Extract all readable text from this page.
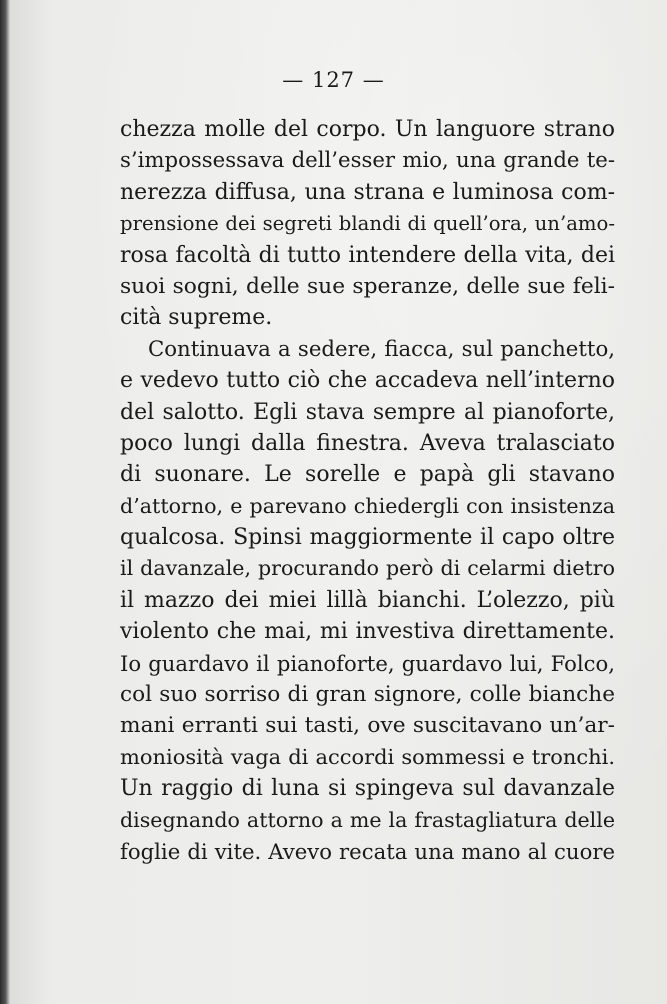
— 127 —
chezza molle del corpo. Un languore strano
s’impossessava dell’esser mio, una grande te-
nerezza diffusa, una strana e luminosa com-
prensione dei segreti blandi di quell’ora, un’amo-
rosa facoltà di tutto intendere della vita, dei
suoi sogni, delle sue speranze, delle sue feli-
cità supreme.
Continuava a sedere, fiacca, sul panchetto,
e vedevo tutto ciò che accadeva nell’interno
del salotto. Egli stava sempre al pianoforte,
poco lungi dalla finestra. Aveva tralasciato
di suonare. Le sorelle e papà gli stavano
d’attorno, e parevano chiedergli con insistenza
qualcosa. Spinsi maggiormente il capo oltre
il davanzale, procurando però di celarmi dietro
il mazzo dei miei lillà bianchi. L’olezzo, più
violento che mai, mi investiva direttamente.
Io guardavo il pianoforte, guardavo lui, Folco,
col suo sorriso di gran signore, colle bianche
mani erranti sui tasti, ove suscitavano un’ar-
moniosità vaga di accordi sommessi e tronchi.
Un raggio di luna si spingeva sul davanzale
disegnando attorno a me la frastagliatura delle
foglie di vite. Avevo recata una mano al cuore
